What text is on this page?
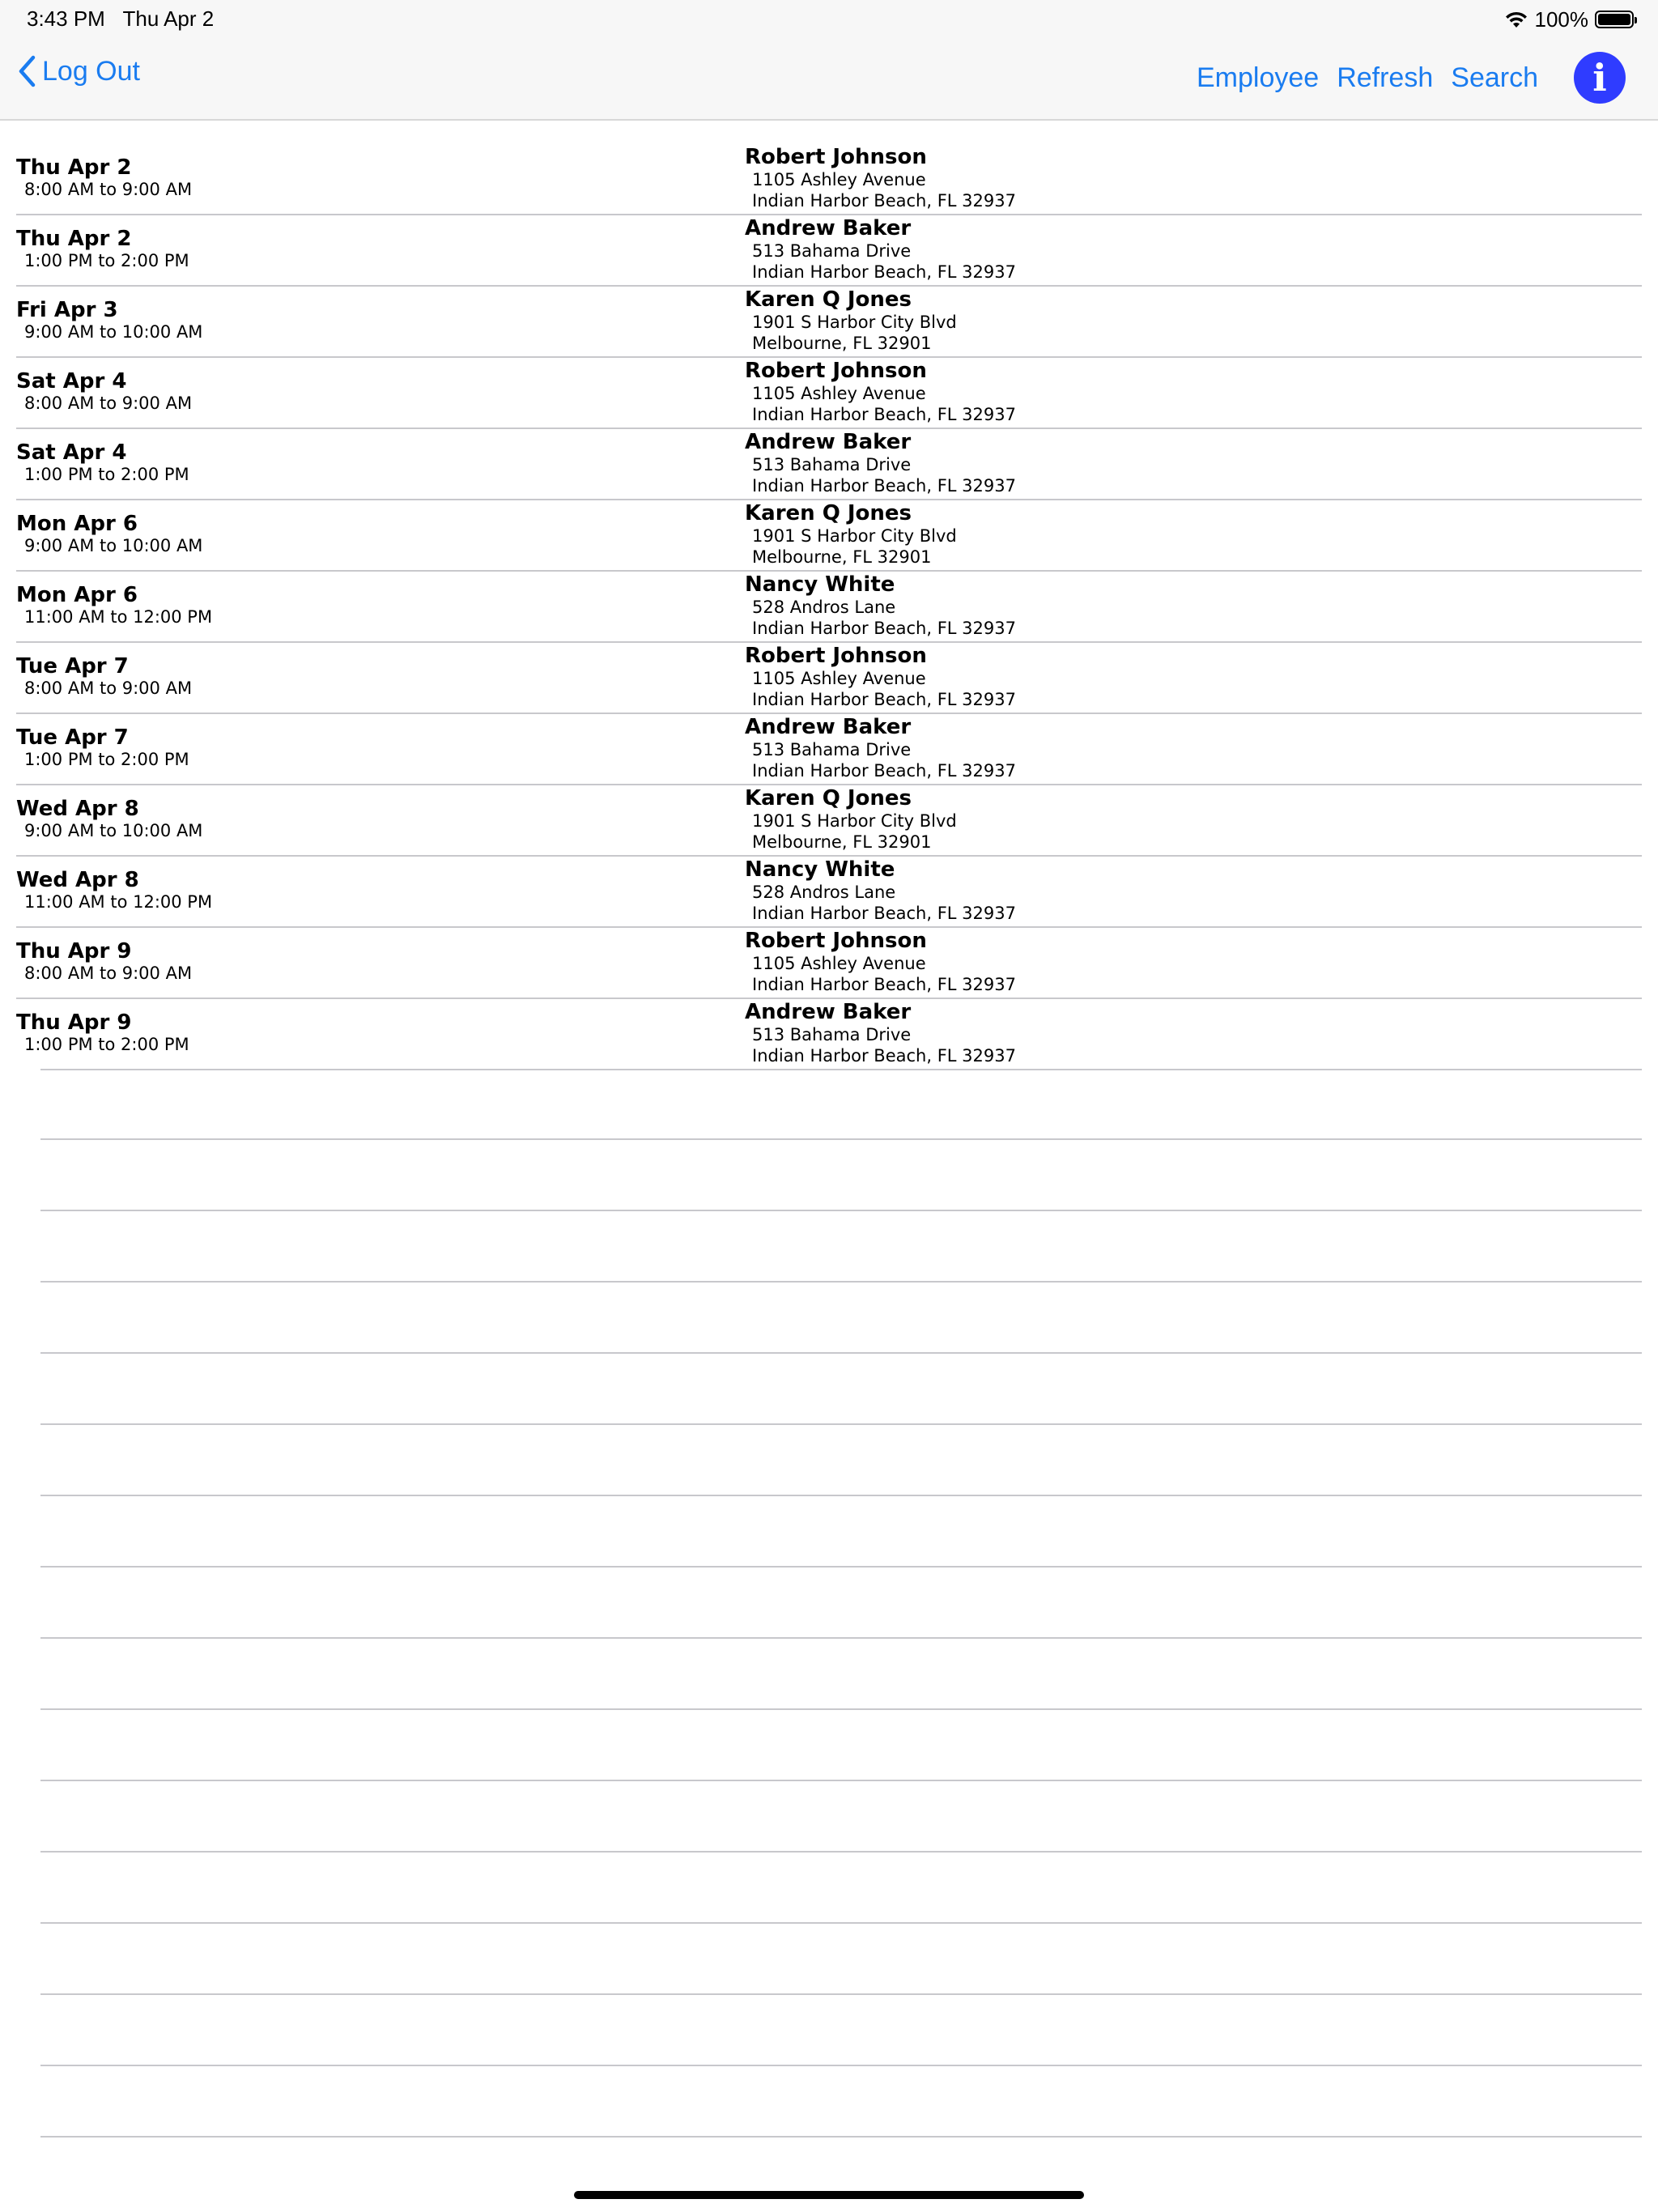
3:43 PM Thu Apr 2	100%
Log Out	Employee Refresh Search i
Thu Apr 2
8:00 AM to 9:00 AM
Robert Johnson
1105 Ashley Avenue
Indian Harbor Beach, FL 32937
Thu Apr 2
1:00 PM to 2:00 PM
Andrew Baker
513 Bahama Drive
Indian Harbor Beach, FL 32937
Fri Apr 3
9:00 AM to 10:00 AM
Karen Q Jones
1901 S Harbor City Blvd
Melbourne, FL 32901
Sat Apr 4
8:00 AM to 9:00 AM
Robert Johnson
1105 Ashley Avenue
Indian Harbor Beach, FL 32937
Sat Apr 4
1:00 PM to 2:00 PM
Andrew Baker
513 Bahama Drive
Indian Harbor Beach, FL 32937
Mon Apr 6
9:00 AM to 10:00 AM
Karen Q Jones
1901 S Harbor City Blvd
Melbourne, FL 32901
Mon Apr 6
11:00 AM to 12:00 PM
Nancy White
528 Andros Lane
Indian Harbor Beach, FL 32937
Tue Apr 7
8:00 AM to 9:00 AM
Robert Johnson
1105 Ashley Avenue
Indian Harbor Beach, FL 32937
Tue Apr 7
1:00 PM to 2:00 PM
Andrew Baker
513 Bahama Drive
Indian Harbor Beach, FL 32937
Wed Apr 8
9:00 AM to 10:00 AM
Karen Q Jones
1901 S Harbor City Blvd
Melbourne, FL 32901
Wed Apr 8
11:00 AM to 12:00 PM
Nancy White
528 Andros Lane
Indian Harbor Beach, FL 32937
Thu Apr 9
8:00 AM to 9:00 AM
Robert Johnson
1105 Ashley Avenue
Indian Harbor Beach, FL 32937
Thu Apr 9
1:00 PM to 2:00 PM
Andrew Baker
513 Bahama Drive
Indian Harbor Beach, FL 32937
